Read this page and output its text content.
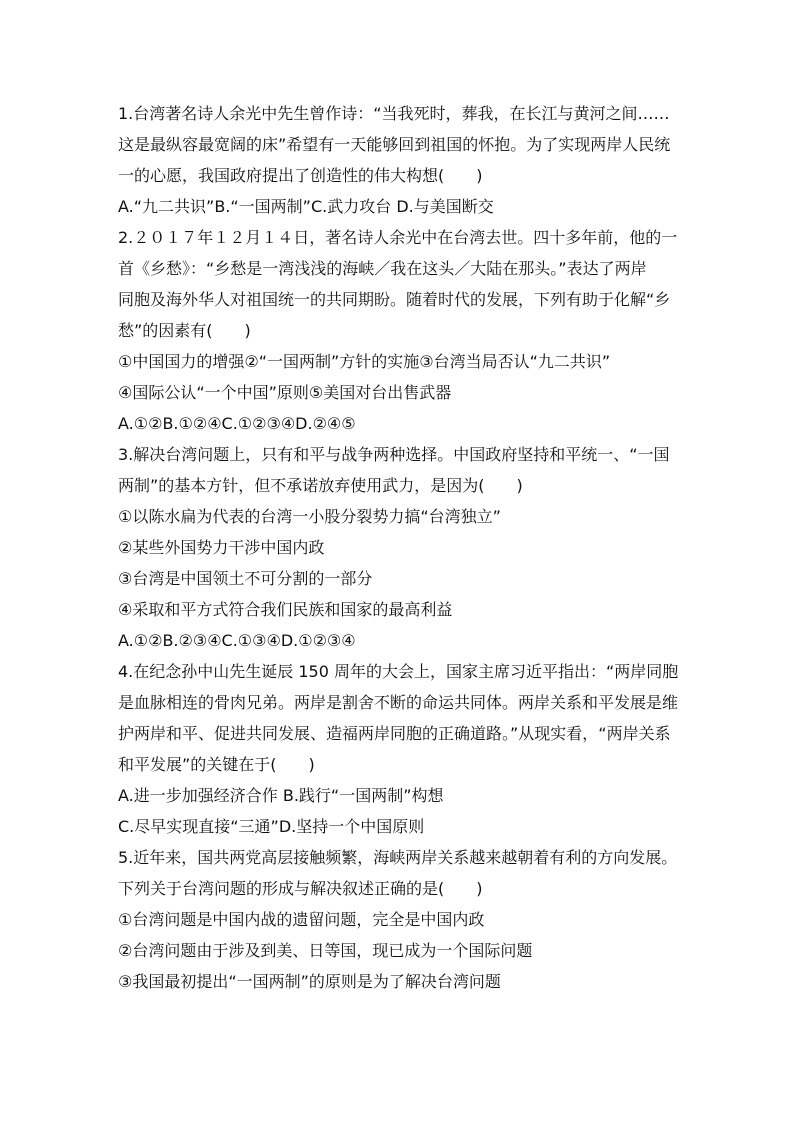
1.台湾著名诗人余光中先生曾作诗：“当我死时，葬我，在长江与黄河之间……
这是最纵容最宽阔的床”希望有一天能够回到祖国的怀抱。为了实现两岸人民统
一的心愿，我国政府提出了创造性的伟大构想(　　)
A.“九二共识”B.“一国两制”C.武力攻台 D.与美国断交
2.２０１７年１２月１４日，著名诗人余光中在台湾去世。四十多年前，他的一
首《乡愁》：“乡愁是一湾浅浅的海峡／我在这头／大陆在那头。”表达了两岸
同胞及海外华人对祖国统一的共同期盼。随着时代的发展，下列有助于化解“乡
愁”的因素有(　　)
①中国国力的增强②“一国两制”方针的实施③台湾当局否认“九二共识”
④国际公认“一个中国”原则⑤美国对台出售武器
A.①②B.①②④C.①②③④D.②④⑤
3.解决台湾问题上，只有和平与战争两种选择。中国政府坚持和平统一、“一国
两制”的基本方针，但不承诺放弃使用武力，是因为(　　)
①以陈水扁为代表的台湾一小股分裂势力搞“台湾独立”
②某些外国势力干涉中国内政
③台湾是中国领土不可分割的一部分
④采取和平方式符合我们民族和国家的最高利益
A.①②B.②③④C.①③④D.①②③④
4.在纪念孙中山先生诞辰 150 周年的大会上，国家主席习近平指出：“两岸同胞
是血脉相连的骨肉兄弟。两岸是割舍不断的命运共同体。两岸关系和平发展是维
护两岸和平、促进共同发展、造福两岸同胞的正确道路。”从现实看，“两岸关系
和平发展”的关键在于(　　)
A.进一步加强经济合作 B.践行“一国两制”构想
C.尽早实现直接“三通”D.坚持一个中国原则
5.近年来，国共两党高层接触频繁，海峡两岸关系越来越朝着有利的方向发展。
下列关于台湾问题的形成与解决叙述正确的是(　　)
①台湾问题是中国内战的遗留问题，完全是中国内政
②台湾问题由于涉及到美、日等国，现已成为一个国际问题
③我国最初提出“一国两制”的原则是为了解决台湾问题
